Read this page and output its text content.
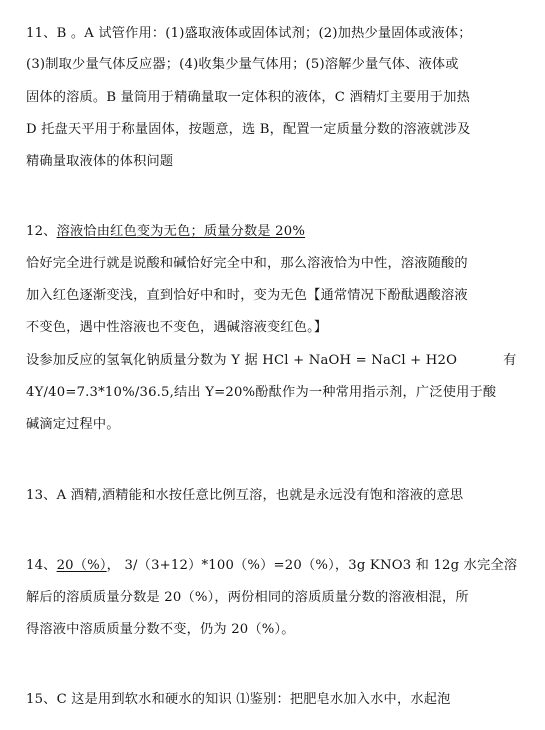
11、B 。A 试管作用：(1)盛取液体或固体试剂；(2)加热少量固体或液体；
(3)制取少量气体反应器；(4)收集少量气体用；(5)溶解少量气体、液体或
固体的溶质。B 量筒用于精确量取一定体积的液体，C 酒精灯主要用于加热
D 托盘天平用于称量固体，按题意，选 B，配置一定质量分数的溶液就涉及
精确量取液体的体积问题
12、溶液恰由红色变为无色；质量分数是 20%
恰好完全进行就是说酸和碱恰好完全中和，那么溶液恰为中性，溶液随酸的
加入红色逐渐变浅，直到恰好中和时，变为无色【通常情况下酚酞遇酸溶液
不变色，遇中性溶液也不变色，遇碱溶液变红色。】
设参加反应的氢氧化钠质量分数为 Y 据 HCl + NaOH = NaCl + H2O	有
4Y/40=7.3*10%/36.5,结出 Y=20%酚酞作为一种常用指示剂，广泛使用于酸
碱滴定过程中。
13、A 酒精,酒精能和水按任意比例互溶，也就是永远没有饱和溶液的意思
14、20（%）， 3/（3+12）*100（%）=20（%），3g KNO3 和 12g 水完全溶
解后的溶质质量分数是 20（%），两份相同的溶质质量分数的溶液相混，所
得溶液中溶质质量分数不变，仍为 20（%）。
15、C 这是用到软水和硬水的知识 ⑴鉴别：把肥皂水加入水中，水起泡
